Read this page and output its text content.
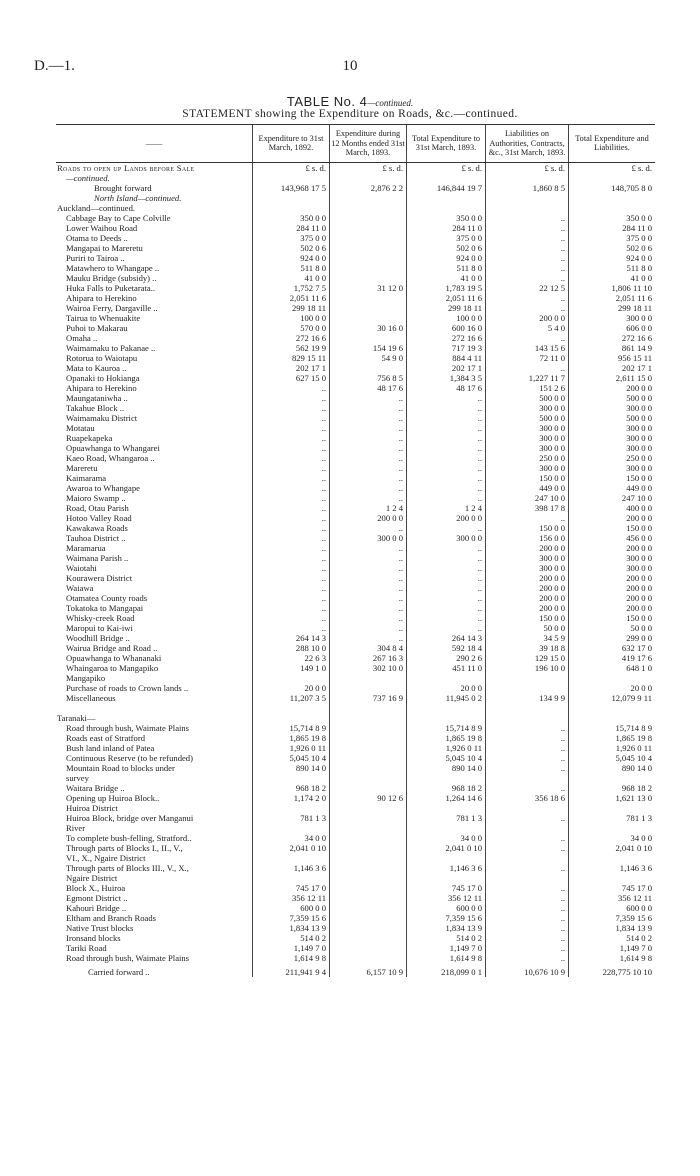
D.—1.	10
TABLE No. 4—continued.
STATEMENT showing the Expenditure on Roads, &c.—continued.
——	Expenditure to 31st March, 1892.	Expenditure during 12 Months ended 31st March, 1893.	Total Expenditure to 31st March, 1893.	Liabilities on Authorities, Contracts, &c., 31st March, 1893.	Total Expenditure and Liabilities.
Roads to open up Lands before Sale	£ s. d.	£ s. d.	£ s. d.	£ s. d.	£ s. d.
—continued.					
Brought forward	143,968 17 5	2,876 2 2	146,844 19 7	1,860 8 5	148,705 8 0
North Island—continued.					
Auckland—continued.					
Cabbage Bay to Cape Colville	350 0 0		350 0 0	..	350 0 0
Lower Waihou Road	284 11 0		284 11 0	..	284 11 0
Otama to Deeds ..	375 0 0		375 0 0	..	375 0 0
Mangapai to Mareretu	502 0 6		502 0 6	..	502 0 6
Puriri to Tairoa ..	924 0 0		924 0 0	..	924 0 0
Matawhero to Whangape ..	511 8 0		511 8 0	..	511 8 0
Mauku Bridge (subsidy) ..	41 0 0		41 0 0	..	41 0 0
Huka Falls to Puketarata..	1,752 7 5	31 12 0	1,783 19 5	22 12 5	1,806 11 10
Ahipara to Herekino	2,051 11 6		2,051 11 6	..	2,051 11 6
Wairoa Ferry, Dargaville ..	299 18 11		299 18 11	..	299 18 11
Tairua to Whenuakite	100 0 0		100 0 0	200 0 0	300 0 0
Puhoi to Makarau	570 0 0	30 16 0	600 16 0	5 4 0	606 0 0
Omaha ..	272 16 6		272 16 6	..	272 16 6
Waimamaku to Pakanae ..	562 19 9	154 19 6	717 19 3	143 15 6	861 14 9
Rotorua to Waiotapu	829 15 11	54 9 0	884 4 11	72 11 0	956 15 11
Mata to Kauroa ..	202 17 1		202 17 1	..	202 17 1
Opanaki to Hokianga	627 15 0	756 8 5	1,384 3 5	1,227 11 7	2,611 15 0
Ahipara to Herekino	..	48 17 6	48 17 6	151 2 6	200 0 0
Maungataniwha ..	..	..	..	500 0 0	500 0 0
Takahue Block ..	..	..	..	300 0 0	300 0 0
Waimamaku District	..	..	..	500 0 0	500 0 0
Motatau	..	..	..	300 0 0	300 0 0
Ruapekapeka	..	..	..	300 0 0	300 0 0
Opuawhanga to Whangarei	..	..	..	300 0 0	300 0 0
Kaeo Road, Whangaroa ..	..	..	..	250 0 0	250 0 0
Mareretu	..	..	..	300 0 0	300 0 0
Kaimarama	..	..	..	150 0 0	150 0 0
Awaroa to Whangape	..	..	..	449 0 0	449 0 0
Maioro Swamp ..	..	..	..	247 10 0	247 10 0
Road, Otau Parish	..	1 2 4	1 2 4	398 17 8	400 0 0
Hotoo Valley Road	..	200 0 0	200 0 0	..	200 0 0
Kawakawa Roads	..	..	..	150 0 0	150 0 0
Tauhoa District ..	..	300 0 0	300 0 0	156 0 0	456 0 0
Maramarua	..	..	..	200 0 0	200 0 0
Waimana Parish ..	..	..	..	300 0 0	300 0 0
Waiotahi	..	..	..	300 0 0	300 0 0
Kourawera District	..	..	..	200 0 0	200 0 0
Waiawa	..	..	..	200 0 0	200 0 0
Otamatea County roads	..	..	..	200 0 0	200 0 0
Tokatoka to Mangapai	..	..	..	200 0 0	200 0 0
Whisky-creek Road	..	..	..	150 0 0	150 0 0
Maropui to Kai-iwi	..	..	..	50 0 0	50 0 0
Woodhill Bridge ..	264 14 3	..	264 14 3	34 5 9	299 0 0
Wairua Bridge and Road ..	288 10 0	304 8 4	592 18 4	39 18 8	632 17 0
Opuawhanga to Whananaki	22 6 3	267 16 3	290 2 6	129 15 0	419 17 6
Whaingaroa to Mangapiko	149 1 0	302 10 0	451 11 0	196 10 0	648 1 0
Mangapiko					
Purchase of roads to Crown lands ..	20 0 0		20 0 0		20 0 0
Miscellaneous	11,207 3 5	737 16 9	11,945 0 2	134 9 9	12,079 9 11

Taranaki—					
Road through bush, Waimate Plains	15,714 8 9		15,714 8 9	..	15,714 8 9
Roads east of Stratford	1,865 19 8		1,865 19 8	..	1,865 19 8
Bush land inland of Patea	1,926 0 11		1,926 0 11	..	1,926 0 11
Continuous Reserve (to be refunded)	5,045 10 4		5,045 10 4	..	5,045 10 4
Mountain Road to blocks under	890 14 0		890 14 0	..	890 14 0
survey					
Waitara Bridge ..	968 18 2		968 18 2	..	968 18 2
Opening up Huiroa Block..	1,174 2 0	90 12 6	1,264 14 6	356 18 6	1,621 13 0
Huiroa District					
Huiroa Block, bridge over Manganui	781 1 3		781 1 3	..	781 1 3
River					
To complete bush-felling, Stratford..	34 0 0		34 0 0	..	34 0 0
Through parts of Blocks I., II., V.,	2,041 0 10		2,041 0 10	..	2,041 0 10
VI., X., Ngaire District					
Through parts of Blocks III., V., X.,	1,146 3 6		1,146 3 6	..	1,146 3 6
Ngaire District					
Block X., Huiroa	745 17 0		745 17 0	..	745 17 0
Egmont District ..	356 12 11		356 12 11	..	356 12 11
Kahouri Bridge ..	600 0 0		600 0 0	..	600 0 0
Eltham and Branch Roads	7,359 15 6		7,359 15 6	..	7,359 15 6
Native Trust blocks	1,834 13 9		1,834 13 9	..	1,834 13 9
Ironsand blocks	514 0 2		514 0 2	..	514 0 2
Tariki Road	1,149 7 0		1,149 7 0	..	1,149 7 0
Road through bush, Waimate Plains	1,614 9 8		1,614 9 8	..	1,614 9 8
Carried forward ..	211,941 9 4	6,157 10 9	218,099 0 1	10,676 10 9	228,775 10 10
